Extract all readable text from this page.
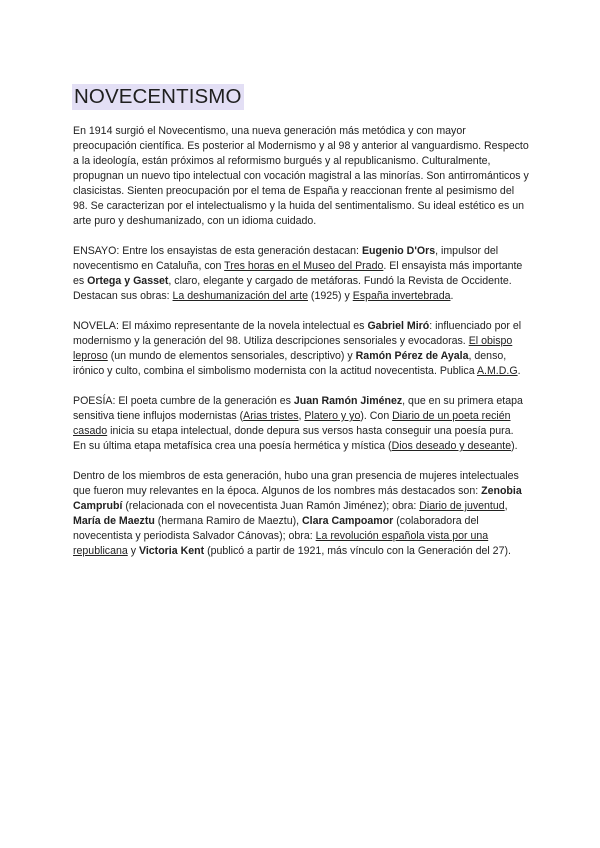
NOVECENTISMO

En 1914 surgió el Novecentismo, una nueva generación más metódica y con mayor preocupación científica. Es posterior al Modernismo y al 98 y anterior al vanguardismo. Respecto a la ideología, están próximos al reformismo burgués y al republicanismo. Culturalmente, propugnan un nuevo tipo intelectual con vocación magistral a las minorías. Son antirrománticos y clasicistas. Sienten preocupación por el tema de España y reaccionan frente al pesimismo del 98. Se caracterizan por el intelectualismo y la huida del sentimentalismo. Su ideal estético es un arte puro y deshumanizado, con un idioma cuidado.

ENSAYO: Entre los ensayistas de esta generación destacan: Eugenio D'Ors, impulsor del novecentismo en Cataluña, con Tres horas en el Museo del Prado. El ensayista más importante es Ortega y Gasset, claro, elegante y cargado de metáforas. Fundó la Revista de Occidente. Destacan sus obras: La deshumanización del arte (1925) y España invertebrada.

NOVELA: El máximo representante de la novela intelectual es Gabriel Miró: influenciado por el modernismo y la generación del 98. Utiliza descripciones sensoriales y evocadoras. El obispo leproso (un mundo de elementos sensoriales, descriptivo) y Ramón Pérez de Ayala, denso, irónico y culto, combina el simbolismo modernista con la actitud novecentista. Publica A.M.D.G.

POESÍA: El poeta cumbre de la generación es Juan Ramón Jiménez, que en su primera etapa sensitiva tiene influjos modernistas (Arias tristes, Platero y yo). Con Diario de un poeta recién casado inicia su etapa intelectual, donde depura sus versos hasta conseguir una poesía pura. En su última etapa metafísica crea una poesía hermética y mística (Dios deseado y deseante).

Dentro de los miembros de esta generación, hubo una gran presencia de mujeres intelectuales que fueron muy relevantes en la época. Algunos de los nombres más destacados son: Zenobia Camprubí (relacionada con el novecentista Juan Ramón Jiménez); obra: Diario de juventud, María de Maeztu (hermana Ramiro de Maeztu), Clara Campoamor (colaboradora del novecentista y periodista Salvador Cánovas); obra: La revolución española vista por una republicana y Victoria Kent (publicó a partir de 1921, más vínculo con la Generación del 27).
